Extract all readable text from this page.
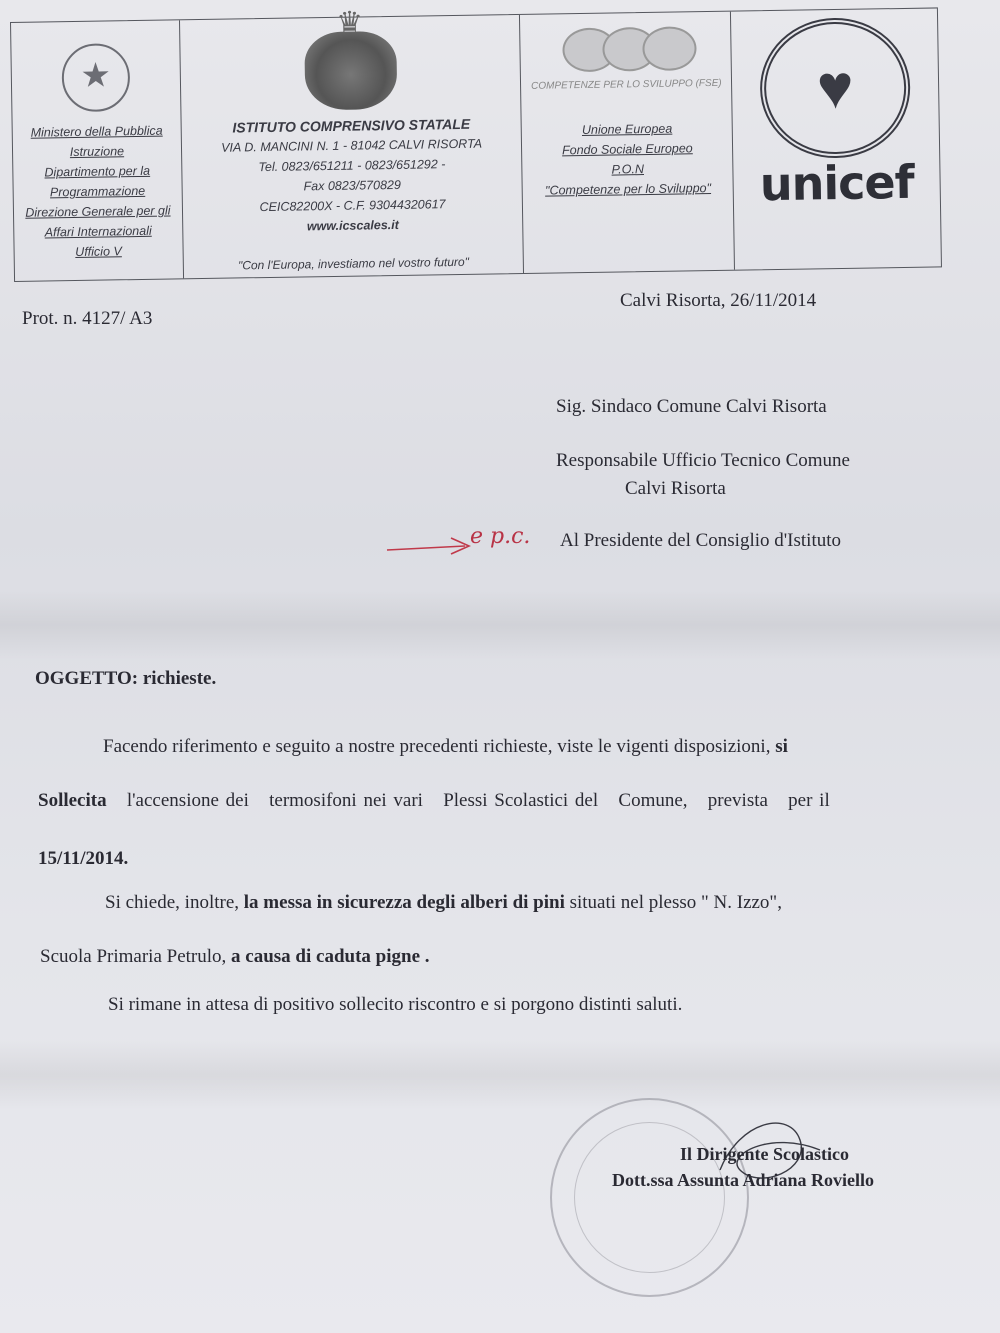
★
Ministero della Pubblica
Istruzione
Dipartimento per la
Programmazione
Direzione Generale per gli
Affari Internazionali
Ufficio V
♛
ISTITUTO COMPRENSIVO STATALE
VIA D. MANCINI N. 1 - 81042 CALVI RISORTA
Tel. 0823/651211 - 0823/651292 -
Fax 0823/570829
CEIC82200X - C.F. 93044320617
www.icscales.it
"Con l'Europa, investiamo nel vostro futuro"
COMPETENZE PER LO SVILUPPO (FSE)
Unione Europea
Fondo Sociale Europeo
P.O.N
"Competenze per lo Sviluppo"
♥	unicef
Prot. n. 4127/ A3
Calvi Risorta, 26/11/2014
Sig. Sindaco Comune Calvi Risorta
Responsabile Ufficio Tecnico Comune
Calvi Risorta
e p.c. Al Presidente del Consiglio d'Istituto
OGGETTO: richieste.
Facendo riferimento e seguito a nostre precedenti richieste, viste le vigenti disposizioni, si
Sollecita l'accensione dei   termosifoni nei vari   Plessi Scolastici del   Comune,   prevista   per il
15/11/2014.
Si chiede, inoltre, la messa in sicurezza degli alberi di pini situati nel plesso " N. Izzo",
Scuola Primaria Petrulo, a causa di caduta pigne .
Si rimane in attesa di positivo sollecito riscontro e si porgono distinti saluti.
Il Dirigente Scolastico
Dott.ssa Assunta Adriana Roviello
